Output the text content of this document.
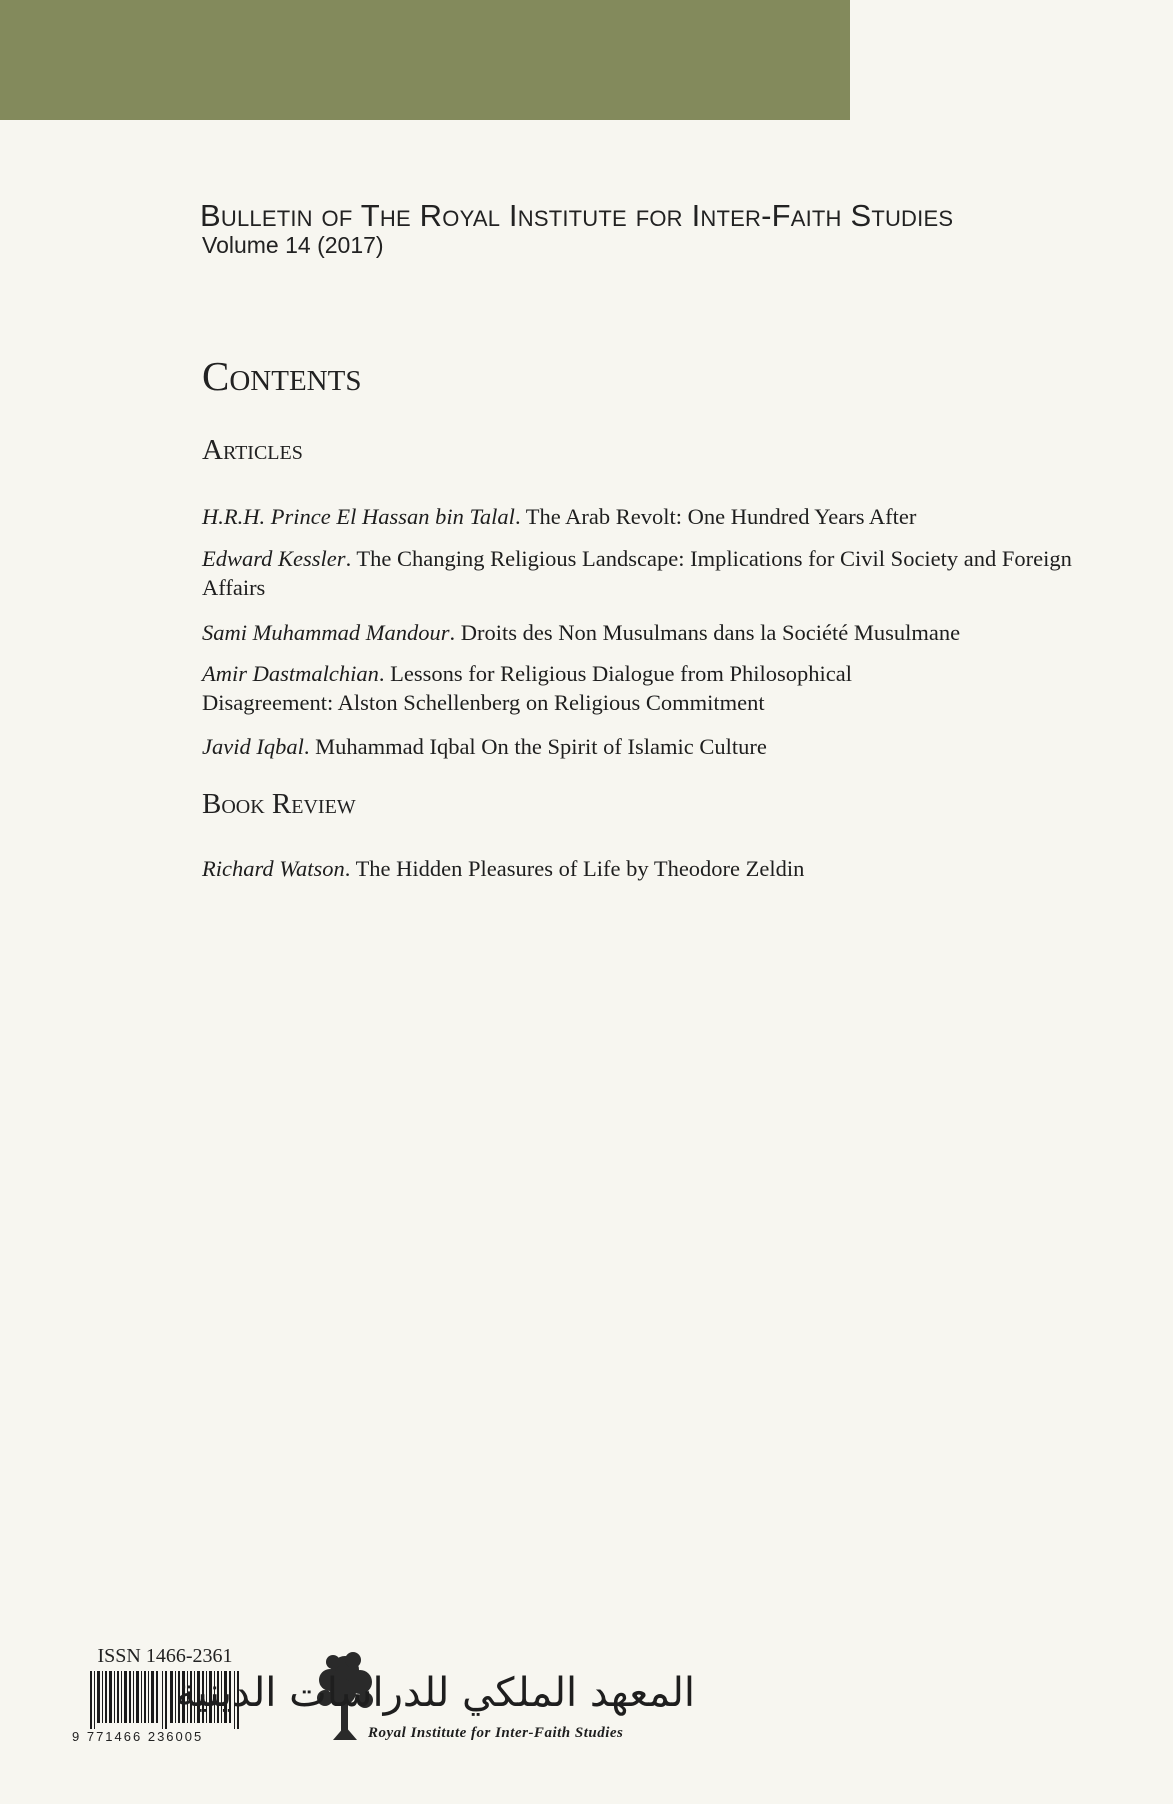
Bulletin of The Royal Institute for Inter-Faith Studies
Volume 14 (2017)
Contents
Articles
H.R.H. Prince El Hassan bin Talal. The Arab Revolt: One Hundred Years After
Edward Kessler. The Changing Religious Landscape: Implications for Civil Society and Foreign Affairs
Sami Muhammad Mandour. Droits des Non Musulmans dans la Société Musulmane
Amir Dastmalchian. Lessons for Religious Dialogue from Philosophical Disagreement: Alston Schellenberg on Religious Commitment
Javid Iqbal. Muhammad Iqbal On the Spirit of Islamic Culture
Book Review
Richard Watson. The Hidden Pleasures of Life by Theodore Zeldin
ISSN 1466-2361
9 771466 236005
المعهد الملكي للدراسات الدينية
Royal Institute for Inter-Faith Studies
